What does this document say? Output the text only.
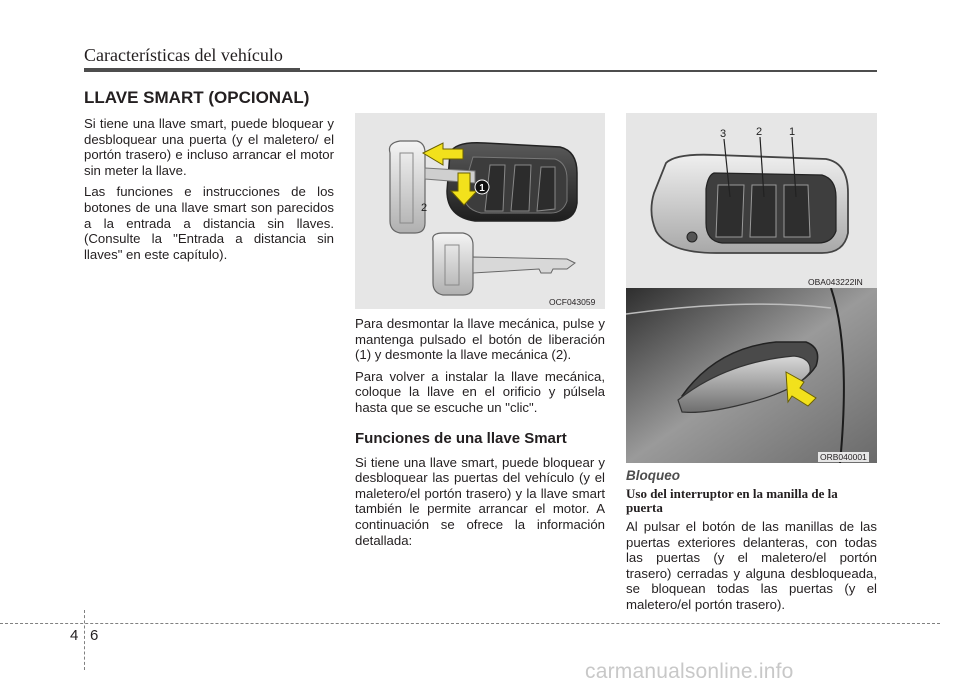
Características del vehículo
LLAVE SMART (OPCIONAL)

Si tiene una llave smart, puede bloquear y desbloquear una puerta (y el maletero/ el portón trasero) e incluso arrancar el motor sin meter la llave.

Las funciones e instrucciones de los botones de una llave smart son parecidos a la entrada a distancia sin llaves. (Consulte la "Entrada a distancia sin llaves" en este capítulo).

1
2
OCF043059

Para desmontar la llave mecánica, pulse y mantenga pulsado el botón de liberación (1) y desmonte la llave mecánica (2).

Para volver a instalar la llave mecánica, coloque la llave en el orificio y púlsela hasta que se escuche un "clic".

Funciones de una llave Smart

Si tiene una llave smart, puede bloquear y desbloquear las puertas del vehículo (y el maletero/el portón trasero) y la llave smart también le permite arrancar el motor. A continuación se ofrece la información detallada:

3	2 1
OBA043222IN
ORB040001
Bloqueo
Uso del interruptor en la manilla de la puerta

Al pulsar el botón de las manillas de las puertas exteriores delanteras, con todas las puertas (y el maletero/el portón trasero) cerradas y alguna desbloqueada, se bloquean todas las puertas (y el maletero/el portón trasero).

4 6
carmanualsonline.info
